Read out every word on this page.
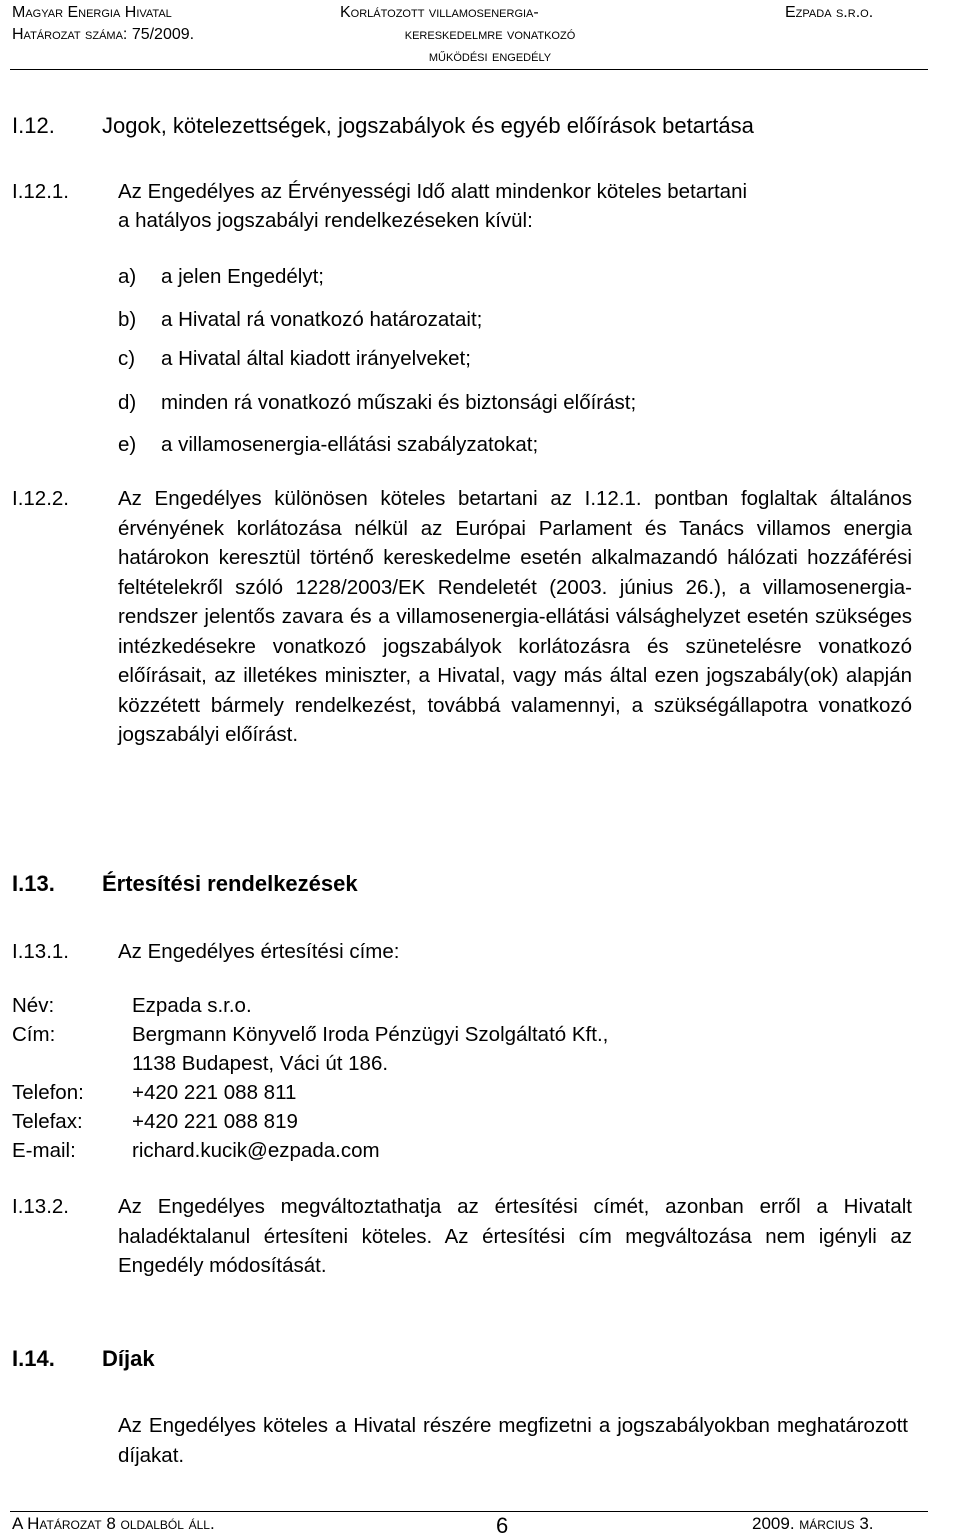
Magyar Energia Hivatal
Határozat száma: 75/2009.
Korlátozott villamosenergia-
kereskedelmre vonatkozó
működési engedély
Ezpada s.r.o.
I.12. Jogok, kötelezettségek, jogszabályok és egyéb előírások betartása
I.12.1. Az Engedélyes az Érvényességi Idő alatt mindenkor köteles betartani
a hatályos jogszabályi rendelkezéseken kívül:
a) a jelen Engedélyt;
b) a Hivatal rá vonatkozó határozatait;
c) a Hivatal által kiadott irányelveket;
d) minden rá vonatkozó műszaki és biztonsági előírást;
e) a villamosenergia-ellátási szabályzatokat;
I.12.2. Az Engedélyes különösen köteles betartani az I.12.1. pontban foglaltak általános érvényének korlátozása nélkül az Európai Parlament és Tanács villamos energia határokon keresztül történő kereskedelme esetén alkalmazandó hálózati hozzáférési feltételekről szóló 1228/2003/EK Rendeletét (2003. június 26.), a villamosenergia-rendszer jelentős zavara és a villamosenergia-ellátási válsághelyzet esetén szükséges intézkedésekre vonatkozó jogszabályok korlátozásra és szünetelésre vonatkozó előírásait, az illetékes miniszter, a Hivatal, vagy más által ezen jogszabály(ok) alapján közzétett bármely rendelkezést, továbbá valamennyi, a szükségállapotra vonatkozó jogszabályi előírást.
I.13. Értesítési rendelkezések
I.13.1. Az Engedélyes értesítési címe:
Név:	Ezpada s.r.o.
Cím:	Bergmann Könyvelő Iroda Pénzügyi Szolgáltató Kft.,
1138 Budapest, Váci út 186.
Telefon: +420 221 088 811
Telefax: +420 221 088 819
E-mail:	richard.kucik@ezpada.com
I.13.2. Az Engedélyes megváltoztathatja az értesítési címét, azonban erről a Hivatalt haladéktalanul értesíteni köteles. Az értesítési cím megváltozása nem igényli az Engedély módosítását.
I.14. Díjak
Az Engedélyes köteles a Hivatal részére megfizetni a jogszabályokban meghatározott díjakat.
A Határozat 8 oldalból áll.	6	2009. március 3.
